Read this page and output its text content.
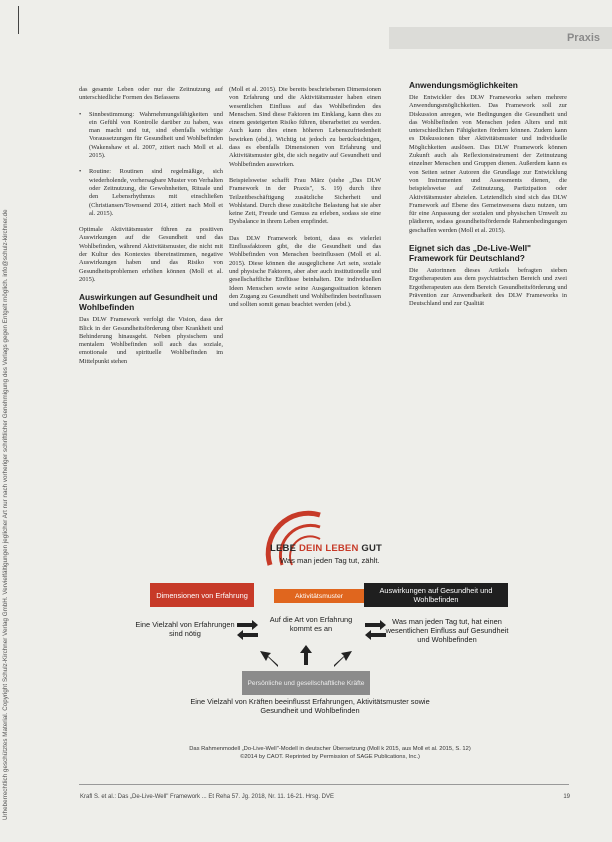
Praxis
Urheberrechtlich geschütztes Material. Copyright Schulz-Kirchner Verlag GmbH. Vervielfältigungen jeglicher Art nur nach vorheriger schriftlicher Genehmigung des Verlags gegen Entgelt möglich. info@schulz-kirchner.de

das gesamte Leben oder nur die Zeitnutzung auf unterschiedliche Formen des Befassens

• Sinnbestimmung: Wahrnehmungsfähigkeiten und ein Gefühl von Kontrolle darüber zu haben, was man macht und tut, sind ebenfalls wichtige Voraussetzungen für Gesundheit und Wohlbefinden (Wakenshaw et al. 2007, zitiert nach Moll et al. 2015).

• Routine: Routinen sind regelmäßige, sich wiederholende, vorhersagbare Muster von Verhalten oder Zeitnutzung, die Gewohnheiten, Rituale und den Lebensrhythmus mit einschließen (Christiansen/Townsend 2014, zitiert nach Moll et al. 2015).

Optimale Aktivitätsmuster führen zu positiven Auswirkungen auf die Gesundheit und das Wohlbefinden, während Aktivitätsmuster, die nicht mit der Kultur des Kontextes übereinstimmen, negative Auswirkungen haben und das Risiko von Gesundheitsproblemen erhöhen können (Moll et al. 2015).

Auswirkungen auf Gesundheit und Wohlbefinden

Das DLW Framework verfolgt die Vision, dass der Blick in der Gesundheitsförderung über Krankheit und Behinderung hinausgeht. Neben physischem und mentalem Wohlbefinden soll auch das soziale, emotionale und spirituelle Wohlbefinden im Mittelpunkt stehen

(Moll et al. 2015). Die bereits beschriebenen Dimensionen von Erfahrung und die Aktivitätsmuster haben einen wesentlichen Einfluss auf das Wohlbefinden des Menschen. Sind diese Faktoren im Einklang, kann dies zu einem gesteigerten Risiko führen, überarbeitet zu werden. Auch kann dies einen höheren Lebenszufriedenheit bewirken (ebd.). Wichtig ist jedoch zu berücksichtigen, dass es ebenfalls Dimensionen von Erfahrung und Aktivitätsmuster gibt, die sich negativ auf Gesundheit und Wohlbefinden auswirken.

Beispielsweise schafft Frau März (siehe „Das DLW Framework in der Praxis", S. 19) durch ihre Teilzeitbeschäftigung zusätzliche Sicherheit und Wohlstand. Durch diese zusätzliche Belastung hat sie aber keine Zeit, Freude und Genuss zu erleben, sodass sie eine Dysbalance in ihrem Leben empfindet.

Das DLW Framework betont, dass es vielerlei Einflussfaktoren gibt, die die Gesundheit und das Wohlbefinden von Menschen beeinflussen (Moll et al. 2015). Diese können die ausgeglichene Art sein, soziale und physische Faktoren, aber aber auch institutionelle und gesellschaftliche Einflüsse beinhalten. Die individuellen Ideen Menschen sowie seine Ausgangssituation können den Zugang zu Gesundheit und Wohlbefinden beeinflussen und sollten somit genau beachtet werden (ebd.).

Anwendungsmöglichkeiten

Die Entwickler des DLW Frameworks sehen mehrere Anwendungsmöglichkeiten. Das Framework soll zur Diskussion anregen, wie Bedingungen die Gesundheit und das Wohlbefinden von Menschen jeden Alters und mit unterschiedlichen Fähigkeiten fördern können. Zudem kann es Diskussionen über Aktivitätsmuster und individuelle Möglichkeiten auslösen. Das DLW Framework können Zukunft auch als Reflexionsinstrument der Zeitnutzung einzelner Menschen und Gruppen dienen. Außerdem kann es von Seiten seiner Autoren die Grundlage zur Entwicklung von Instrumenten und Assessments dienen, die beispielsweise auf Zeitnutzung, Partizipation oder Aktivitätsmuster abzielen. Letztendlich sind sich das DLW Framework auf Ebene des Gemeinwesens dazu nutzen, um für eine Anpassung der sozialen und physischen Umwelt zu plädieren, sodass gesundheitsfördernde Rahmenbedingungen geschaffen werden (Moll et al. 2015).

Eignet sich das „De-Live-Well" Framework für Deutschland?

Die Autorinnen dieses Artikels befragten sieben Ergotherapeuten aus dem psychiatrischen Bereich und zwei Ergotherapeuten aus dem Bereich Gesundheitsförderung und Prävention zur Anwendbarkeit des DLW Frameworks in Deutschland und zur Qualität

LEBE DEIN LEBEN GUT
Was man jeden Tag tut, zählt.
Dimensionen von Erfahrung	Aktivitätsmuster
Auswirkungen auf Gesundheit und Wohlbefinden
Eine Vielzahl von Erfahrungen sind nötig
Auf die Art von Erfahrung kommt es an
Was man jeden Tag tut, hat einen wesentlichen Einfluss auf Gesundheit und Wohlbefinden
Persönliche und gesellschaftliche Kräfte
Eine Vielzahl von Kräften beeinflusst Erfahrungen, Aktivitätsmuster sowie Gesundheit und Wohlbefinden
Das Rahmenmodell „Do-Live-Well"-Modell in deutscher Übersetzung (Moll k 2015, aus Moll et al. 2015, S. 12)
©2014 by CAOT. Reprinted by Permission of SAGE Publications, Inc.)
Krafl S. et al.: Das „De-Live-Well" Framework ... Et Reha 57. Jg. 2018, Nr. 11. 16-21. Hrsg. DVE	19
